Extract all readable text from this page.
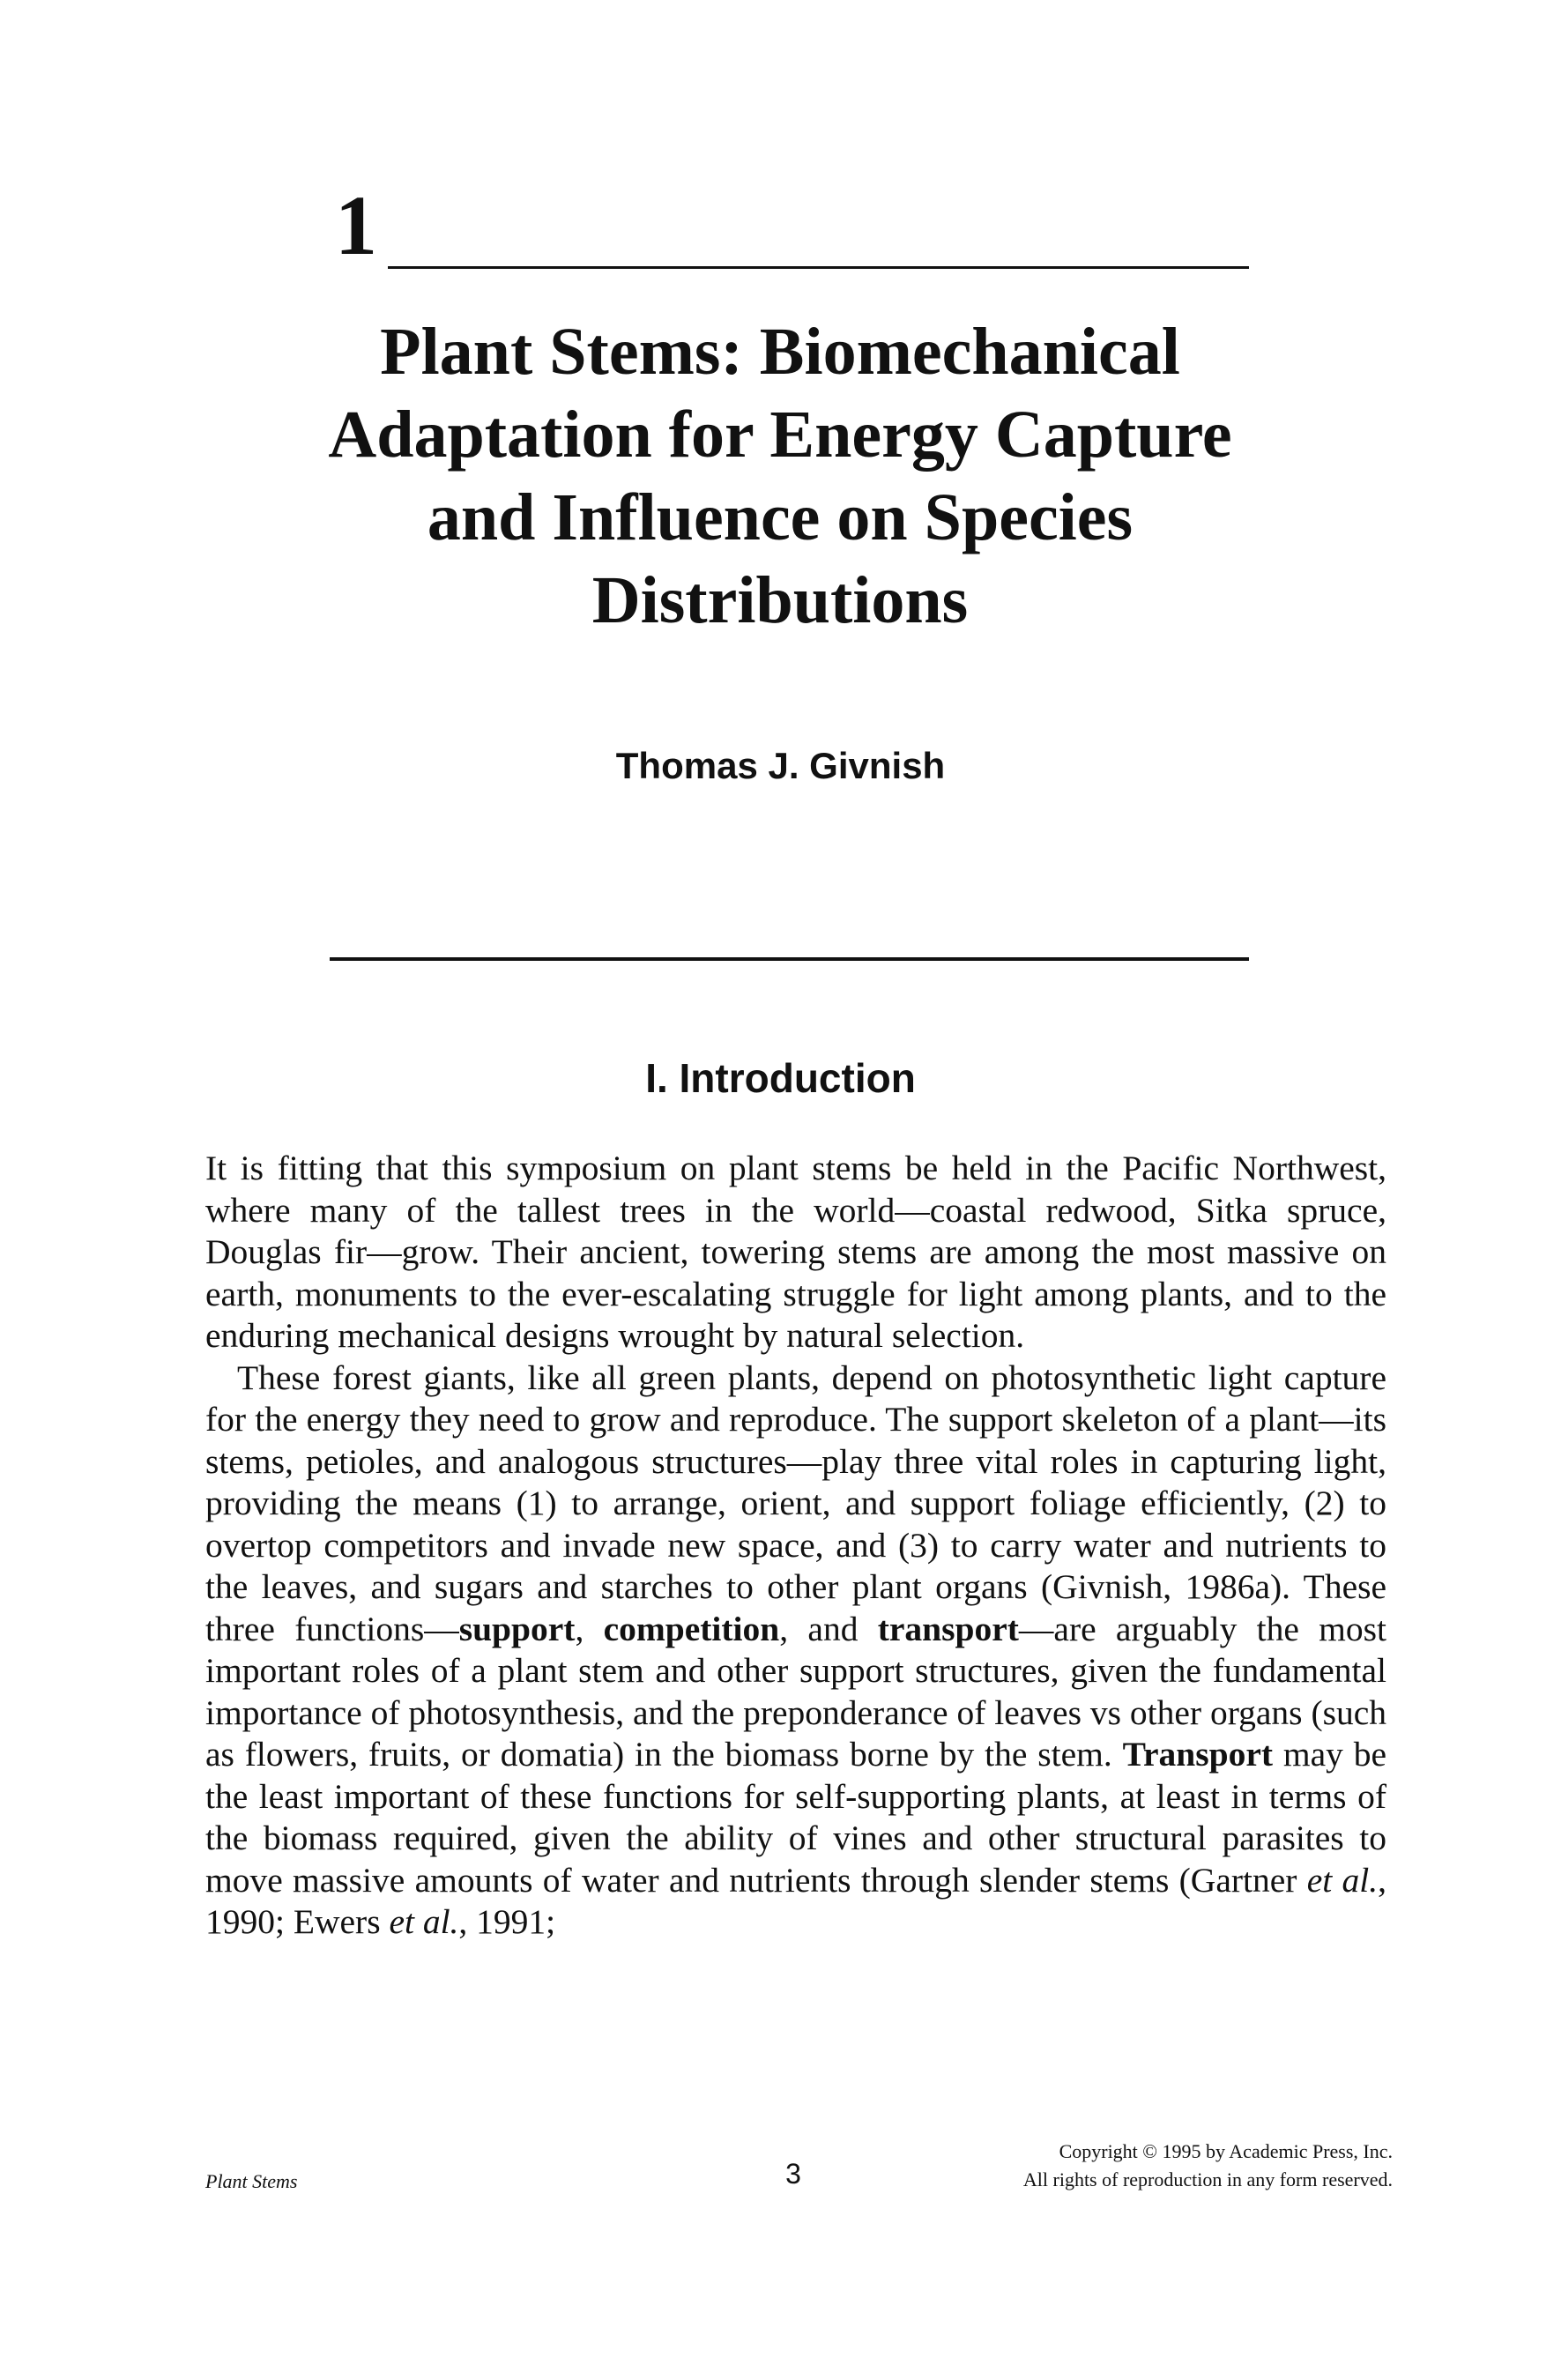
1
Plant Stems: Biomechanical
Adaptation for Energy Capture
and Influence on Species
Distributions
Thomas J. Givnish
I. Introduction

It is fitting that this symposium on plant stems be held in the Pacific Northwest, where many of the tallest trees in the world—coastal redwood, Sitka spruce, Douglas fir—grow. Their ancient, towering stems are among the most massive on earth, monuments to the ever-escalating struggle for light among plants, and to the enduring mechanical designs wrought by natural selection.

These forest giants, like all green plants, depend on photosynthetic light capture for the energy they need to grow and reproduce. The support skeleton of a plant—its stems, petioles, and analogous structures—play three vital roles in capturing light, providing the means (1) to arrange, orient, and support foliage efficiently, (2) to overtop competitors and invade new space, and (3) to carry water and nutrients to the leaves, and sugars and starches to other plant organs (Givnish, 1986a). These three functions—support, competition, and transport—are arguably the most important roles of a plant stem and other support structures, given the fundamental importance of photosynthesis, and the preponderance of leaves vs other organs (such as flowers, fruits, or domatia) in the biomass borne by the stem. Transport may be the least important of these functions for self-supporting plants, at least in terms of the biomass required, given the ability of vines and other structural parasites to move massive amounts of water and nutrients through slender stems (Gartner et al., 1990; Ewers et al., 1991;

Plant Stems	3
Copyright © 1995 by Academic Press, Inc.
All rights of reproduction in any form reserved.
